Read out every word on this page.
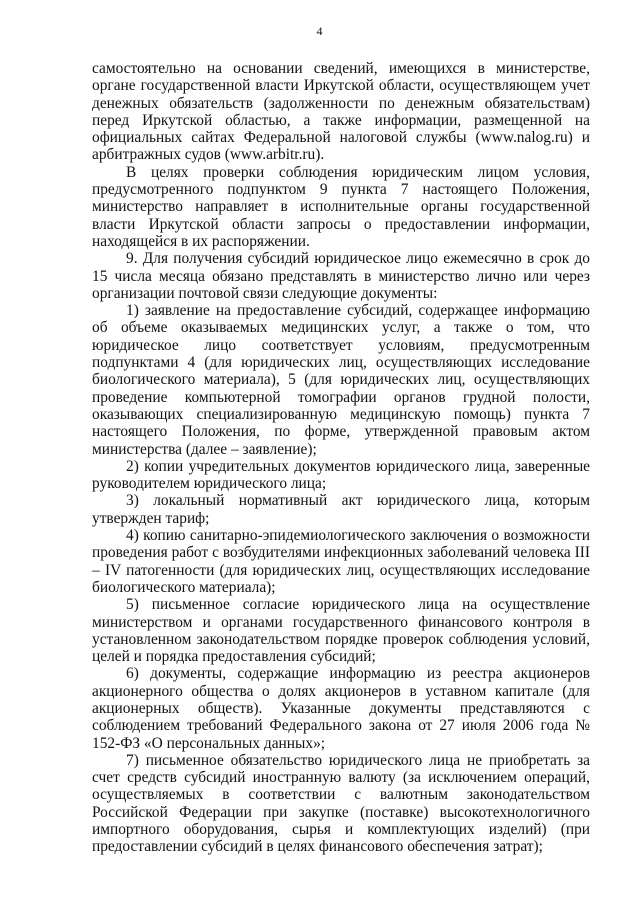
4

самостоятельно на основании сведений, имеющихся в министерстве, органе государственной власти Иркутской области, осуществляющем учет денежных обязательств (задолженности по денежным обязательствам) перед Иркутской областью, а также информации, размещенной на официальных сайтах Федеральной налоговой службы (www.nalog.ru) и арбитражных судов (www.arbitr.ru).

В целях проверки соблюдения юридическим лицом условия, предусмотренного подпунктом 9 пункта 7 настоящего Положения, министерство направляет в исполнительные органы государственной власти Иркутской области запросы о предоставлении информации, находящейся в их распоряжении.

9. Для получения субсидий юридическое лицо ежемесячно в срок до 15 числа месяца обязано представлять в министерство лично или через организации почтовой связи следующие документы:

1) заявление на предоставление субсидий, содержащее информацию об объеме оказываемых медицинских услуг, а также о том, что юридическое лицо соответствует условиям, предусмотренным подпунктами 4 (для юридических лиц, осуществляющих исследование биологического материала), 5 (для юридических лиц, осуществляющих проведение компьютерной томографии органов грудной полости, оказывающих специализированную медицинскую помощь) пункта 7 настоящего Положения, по форме, утвержденной правовым актом министерства (далее – заявление);

2) копии учредительных документов юридического лица, заверенные руководителем юридического лица;

3) локальный нормативный акт юридического лица, которым утвержден тариф;

4) копию санитарно-эпидемиологического заключения о возможности проведения работ с возбудителями инфекционных заболеваний человека III – IV патогенности (для юридических лиц, осуществляющих исследование биологического материала);

5) письменное согласие юридического лица на осуществление министерством и органами государственного финансового контроля в установленном законодательством порядке проверок соблюдения условий, целей и порядка предоставления субсидий;

6) документы, содержащие информацию из реестра акционеров акционерного общества о долях акционеров в уставном капитале (для акционерных обществ). Указанные документы представляются с соблюдением требований Федерального закона от 27 июля 2006 года № 152-ФЗ «О персональных данных»;

7) письменное обязательство юридического лица не приобретать за счет средств субсидий иностранную валюту (за исключением операций, осуществляемых в соответствии с валютным законодательством Российской Федерации при закупке (поставке) высокотехнологичного импортного оборудования, сырья и комплектующих изделий) (при предоставлении субсидий в целях финансового обеспечения затрат);
